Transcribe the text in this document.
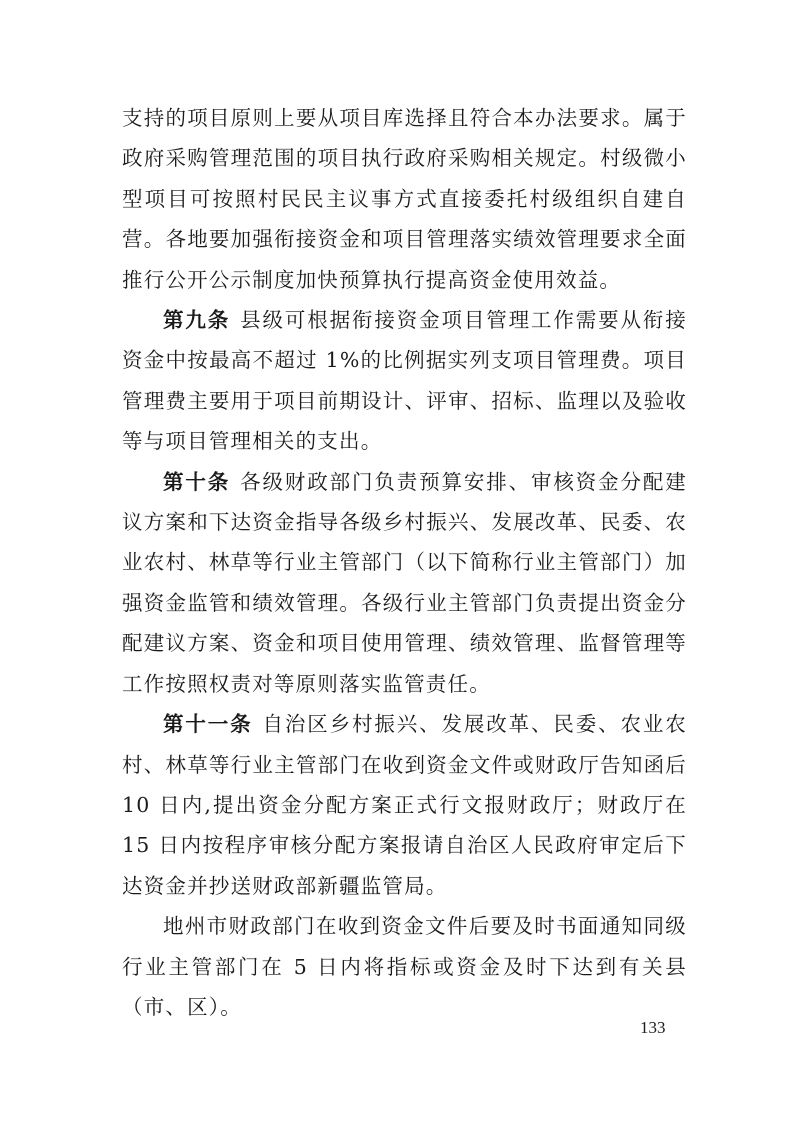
支持的项目原则上要从项目库选择且符合本办法要求。属于政府采购管理范围的项目执行政府采购相关规定。村级微小型项目可按照村民民主议事方式直接委托村级组织自建自营。各地要加强衔接资金和项目管理落实绩效管理要求全面推行公开公示制度加快预算执行提高资金使用效益。

第九条 县级可根据衔接资金项目管理工作需要从衔接资金中按最高不超过 1%的比例据实列支项目管理费。项目管理费主要用于项目前期设计、评审、招标、监理以及验收等与项目管理相关的支出。

第十条 各级财政部门负责预算安排、审核资金分配建议方案和下达资金指导各级乡村振兴、发展改革、民委、农业农村、林草等行业主管部门（以下简称行业主管部门）加强资金监管和绩效管理。各级行业主管部门负责提出资金分配建议方案、资金和项目使用管理、绩效管理、监督管理等工作按照权责对等原则落实监管责任。

第十一条 自治区乡村振兴、发展改革、民委、农业农村、林草等行业主管部门在收到资金文件或财政厅告知函后 10 日内,提出资金分配方案正式行文报财政厅；财政厅在 15 日内按程序审核分配方案报请自治区人民政府审定后下达资金并抄送财政部新疆监管局。

地州市财政部门在收到资金文件后要及时书面通知同级行业主管部门在 5 日内将指标或资金及时下达到有关县（市、区）。

133
